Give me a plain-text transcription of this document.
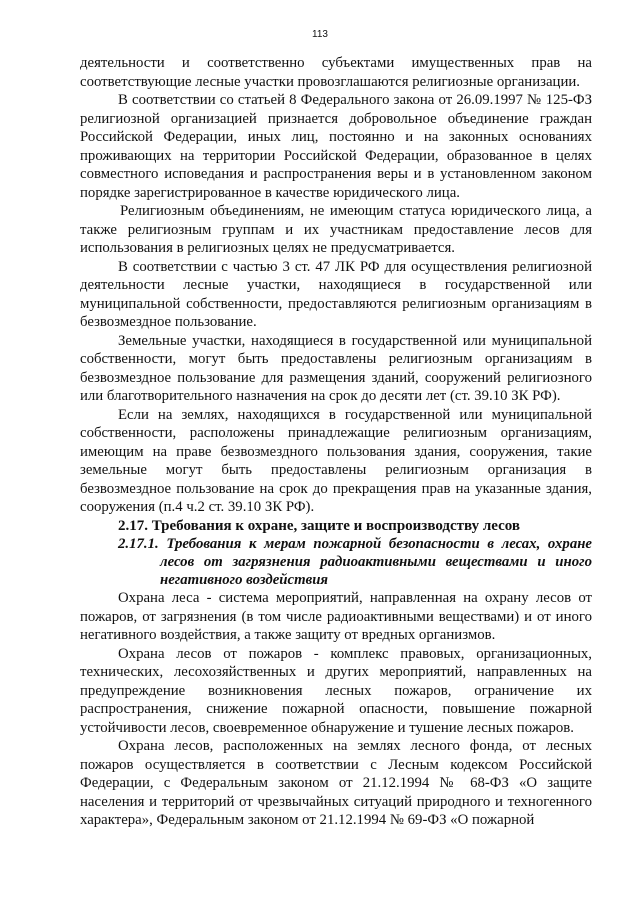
113

деятельности и соответственно субъектами имущественных прав на соответствующие лесные участки провозглашаются религиозные организации.

В соответствии со статьей 8 Федерального закона от 26.09.1997 № 125-ФЗ религиозной организацией признается добровольное объединение граждан Российской Федерации, иных лиц, постоянно и на законных основаниях проживающих на территории Российской Федерации, образованное в целях совместного исповедания и распространения веры и в установленном законом порядке зарегистрированное в качестве юридического лица.

Религиозным объединениям, не имеющим статуса юридического лица, а также религиозным группам и их участникам предоставление лесов для использования в религиозных целях не предусматривается.

В соответствии с частью 3 ст. 47 ЛК РФ для осуществления религиозной деятельности лесные участки, находящиеся в государственной или муниципальной собственности, предоставляются религиозным организациям в безвозмездное пользование.

Земельные участки, находящиеся в государственной или муниципальной собственности, могут быть предоставлены религиозным организациям в безвозмездное пользование для размещения зданий, сооружений религиозного или благотворительного назначения на срок до десяти лет (ст. 39.10 ЗК РФ).

Если на землях, находящихся в государственной или муниципальной собственности, расположены принадлежащие религиозным организациям, имеющим на праве безвозмездного пользования здания, сооружения, такие земельные могут быть предоставлены религиозным организация в безвозмездное пользование на срок до прекращения прав на указанные здания, сооружения (п.4 ч.2 ст. 39.10 ЗК РФ).

2.17. Требования к охране, защите и воспроизводству лесов

2.17.1. Требования к мерам пожарной безопасности в лесах, охране лесов от загрязнения радиоактивными веществами и иного негативного воздействия

Охрана леса - система мероприятий, направленная на охрану лесов от пожаров, от загрязнения (в том числе радиоактивными веществами) и от иного негативного воздействия, а также защиту от вредных организмов.

Охрана лесов от пожаров - комплекс правовых, организационных, технических, лесохозяйственных и других мероприятий, направленных на предупреждение возникновения лесных пожаров, ограничение их распространения, снижение пожарной опасности, повышение пожарной устойчивости лесов, своевременное обнаружение и тушение лесных пожаров.

Охрана лесов, расположенных на землях лесного фонда, от лесных пожаров осуществляется в соответствии с Лесным кодексом Российской Федерации, с Федеральным законом от 21.12.1994 № 68-ФЗ «О защите населения и территорий от чрезвычайных ситуаций природного и техногенного характера», Федеральным законом от 21.12.1994 № 69-ФЗ «О пожарной
